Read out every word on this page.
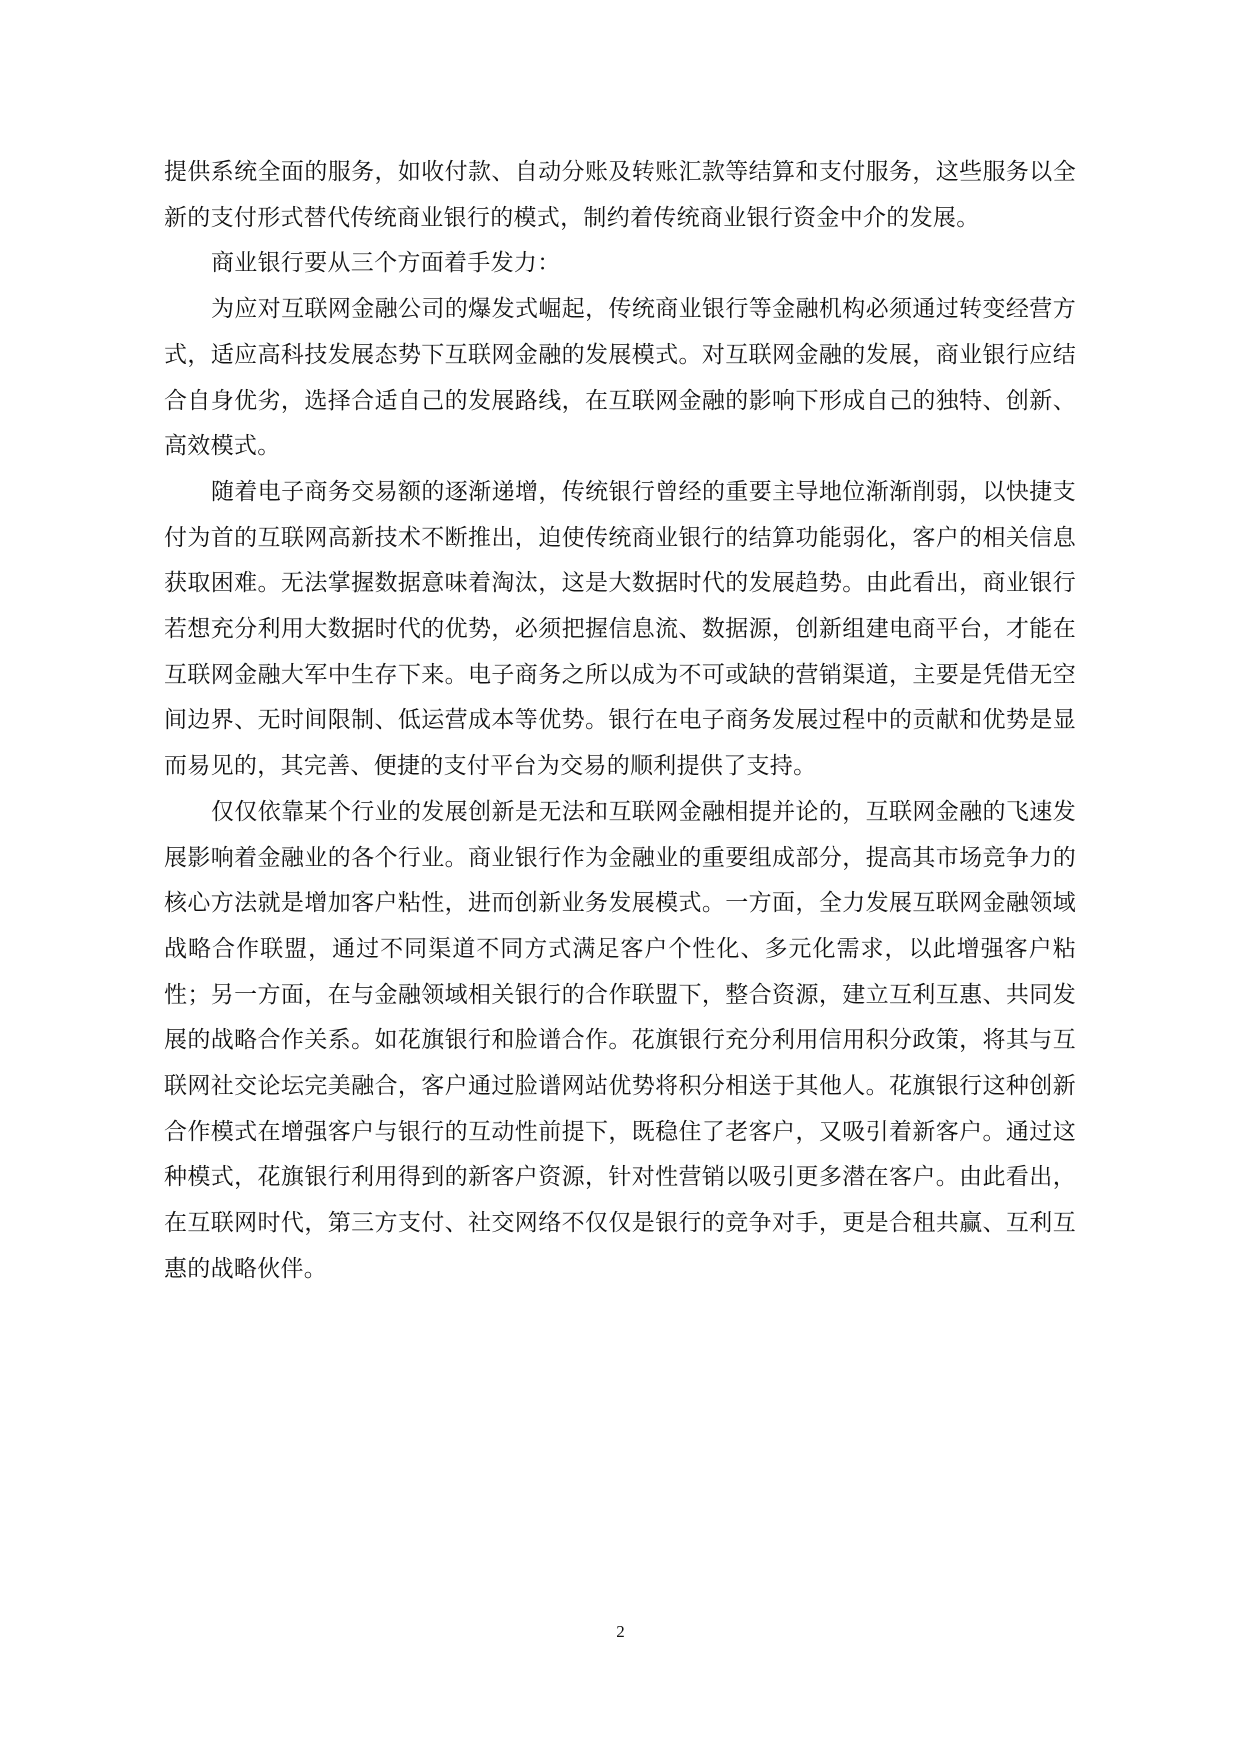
提供系统全面的服务，如收付款、自动分账及转账汇款等结算和支付服务，这些服务以全新的支付形式替代传统商业银行的模式，制约着传统商业银行资金中介的发展。

商业银行要从三个方面着手发力：

为应对互联网金融公司的爆发式崛起，传统商业银行等金融机构必须通过转变经营方式，适应高科技发展态势下互联网金融的发展模式。对互联网金融的发展，商业银行应结合自身优劣，选择合适自己的发展路线，在互联网金融的影响下形成自己的独特、创新、高效模式。

随着电子商务交易额的逐渐递增，传统银行曾经的重要主导地位渐渐削弱，以快捷支付为首的互联网高新技术不断推出，迫使传统商业银行的结算功能弱化，客户的相关信息获取困难。无法掌握数据意味着淘汰，这是大数据时代的发展趋势。由此看出，商业银行若想充分利用大数据时代的优势，必须把握信息流、数据源，创新组建电商平台，才能在互联网金融大军中生存下来。电子商务之所以成为不可或缺的营销渠道，主要是凭借无空间边界、无时间限制、低运营成本等优势。银行在电子商务发展过程中的贡献和优势是显而易见的，其完善、便捷的支付平台为交易的顺利提供了支持。

仅仅依靠某个行业的发展创新是无法和互联网金融相提并论的，互联网金融的飞速发展影响着金融业的各个行业。商业银行作为金融业的重要组成部分，提高其市场竞争力的核心方法就是增加客户粘性，进而创新业务发展模式。一方面，全力发展互联网金融领域战略合作联盟，通过不同渠道不同方式满足客户个性化、多元化需求，以此增强客户粘性；另一方面，在与金融领域相关银行的合作联盟下，整合资源，建立互利互惠、共同发展的战略合作关系。如花旗银行和脸谱合作。花旗银行充分利用信用积分政策，将其与互联网社交论坛完美融合，客户通过脸谱网站优势将积分相送于其他人。花旗银行这种创新合作模式在增强客户与银行的互动性前提下，既稳住了老客户，又吸引着新客户。通过这种模式，花旗银行利用得到的新客户资源，针对性营销以吸引更多潜在客户。由此看出，在互联网时代，第三方支付、社交网络不仅仅是银行的竞争对手，更是合租共赢、互利互惠的战略伙伴。

2
